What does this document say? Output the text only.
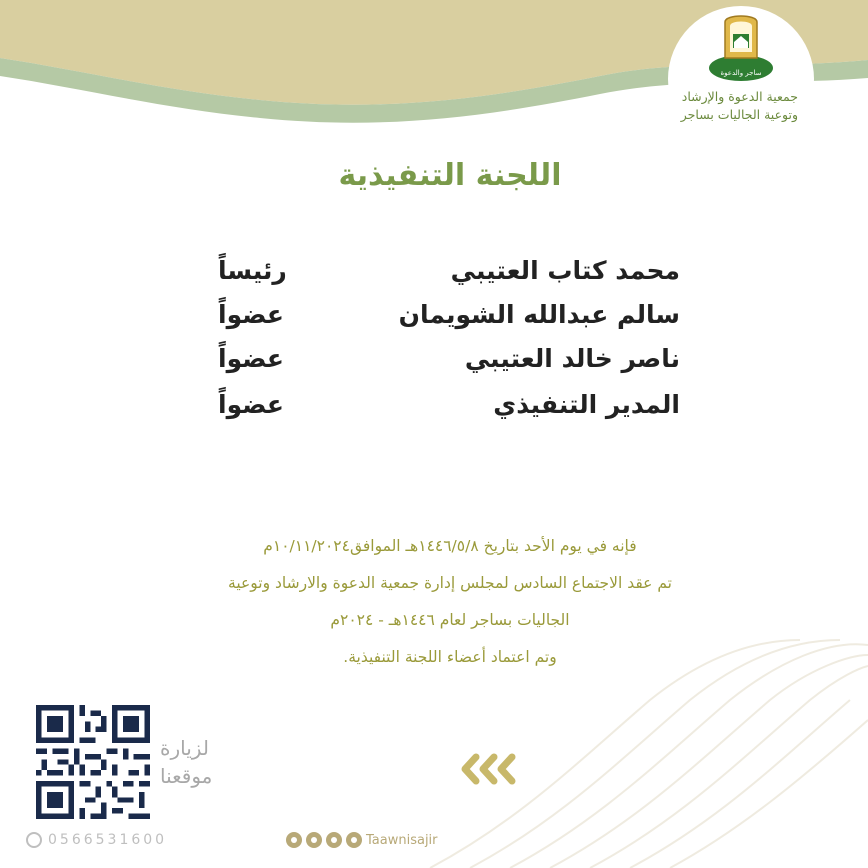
ساجر والدعوة
جمعية الدعوة والإرشاد
وتوعية الجاليات بساجر
اللجنة التنفيذية
محمد كتاب العتيبي
رئيساً
سالم عبدالله الشويمان
عضواً
ناصر خالد العتيبي
عضواً
المدير التنفيذي
عضواً
فإنه في يوم الأحد بتاريخ ١٤٤٦/٥/٨هـ الموافق١٠/١١/٢٠٢٤م
تم عقد الاجتماع السادس لمجلس إدارة جمعية الدعوة والارشاد وتوعية
الجاليات بساجر لعام ١٤٤٦هـ - ٢٠٢٤م
وتم اعتماد أعضاء اللجنة التنفيذية.
لزيارة
موقعنا
0566531600	Taawnisajir
